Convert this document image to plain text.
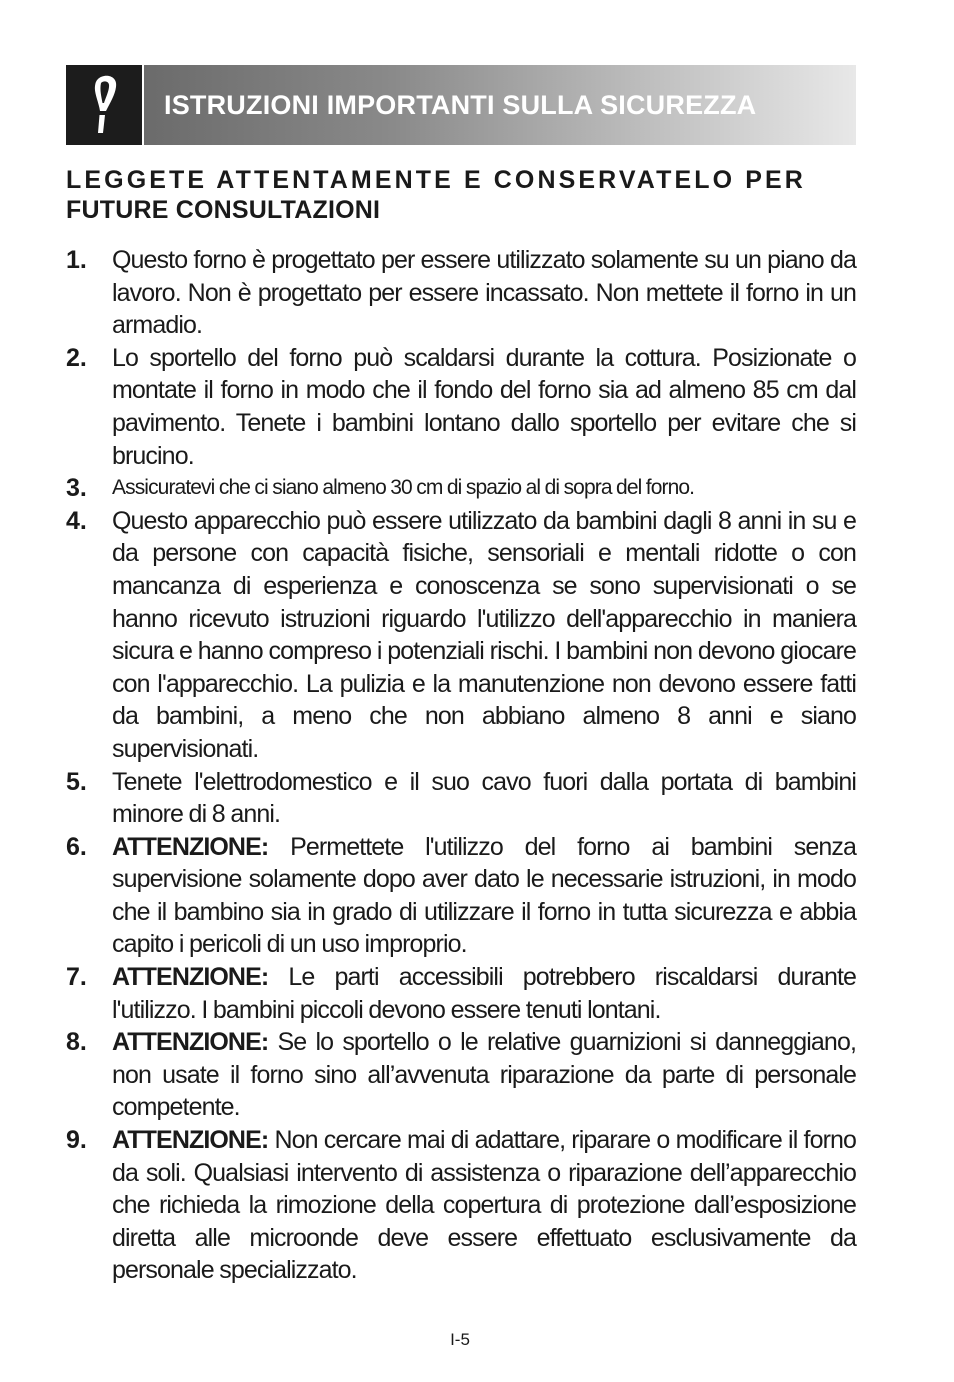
ISTRUZIONI IMPORTANTI SULLA SICUREZZA
LEGGETE ATTENTAMENTE E CONSERVATELO PER
FUTURE CONSULTAZIONI
1.	Questo forno è progettato per essere utilizzato solamente su un piano da lavoro. Non è progettato per essere incassato. Non mettete il forno in un armadio.
2.	Lo sportello del forno può scaldarsi durante la cottura. Posizionate o montate il forno in modo che il fondo del forno sia ad almeno 85 cm dal pavimento. Tenete i bambini lontano dallo sportello per evitare che si brucino.
3.	Assicuratevi che ci siano almeno 30 cm di spazio al di sopra del forno.
4.	Questo apparecchio può essere utilizzato da bambini dagli 8 anni in su e da persone con capacità fisiche, sensoriali e mentali ridotte o con mancanza di esperienza e conoscenza se sono supervisionati o se hanno ricevuto istruzioni riguardo l'utilizzo dell'apparecchio in maniera sicura e hanno compreso i potenziali rischi. I bambini non devono giocare con l'apparecchio. La pulizia e la manutenzione non devono essere fatti da bambini, a meno che non abbiano almeno 8 anni e siano supervisionati.
5.	Tenete l'elettrodomestico e il suo cavo fuori dalla portata di bambini minore di 8 anni.
6.	ATTENZIONE: Permettete l'utilizzo del forno ai bambini senza supervisione solamente dopo aver dato le necessarie istruzioni, in modo che il bambino sia in grado di utilizzare il forno in tutta sicurezza e abbia capito i pericoli di un uso improprio.
7.	ATTENZIONE: Le parti accessibili potrebbero riscaldarsi durante l'utilizzo. I bambini piccoli devono essere tenuti lontani.
8.	ATTENZIONE: Se lo sportello o le relative guarnizioni si danneggiano, non usate il forno sino all’avvenuta riparazione da parte di personale competente.
9.	ATTENZIONE: Non cercare mai di adattare, riparare o modificare il forno da soli. Qualsiasi intervento di assistenza o riparazione dell’apparecchio che richieda la rimozione della copertura di protezione dall’esposizione diretta alle microonde deve essere effettuato esclusivamente da personale specializzato.
I-5
